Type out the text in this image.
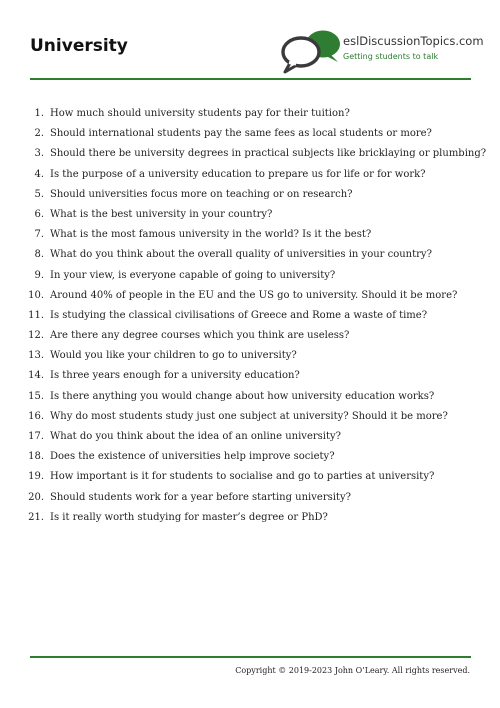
University	eslDiscussionTopics.com
Getting students to talk
1. How much should university students pay for their tuition?
2. Should international students pay the same fees as local students or more?
3. Should there be university degrees in practical subjects like bricklaying or plumbing?
4. Is the purpose of a university education to prepare us for life or for work?
5. Should universities focus more on teaching or on research?
6. What is the best university in your country?
7. What is the most famous university in the world? Is it the best?
8. What do you think about the overall quality of universities in your country?
9. In your view, is everyone capable of going to university?
10. Around 40% of people in the EU and the US go to university. Should it be more?
11. Is studying the classical civilisations of Greece and Rome a waste of time?
12. Are there any degree courses which you think are useless?
13. Would you like your children to go to university?
14. Is three years enough for a university education?
15. Is there anything you would change about how university education works?
16. Why do most students study just one subject at university? Should it be more?
17. What do you think about the idea of an online university?
18. Does the existence of universities help improve society?
19. How important is it for students to socialise and go to parties at university?
20. Should students work for a year before starting university?
21. Is it really worth studying for master’s degree or PhD?
Copyright © 2019-2023 John O’Leary. All rights reserved.
